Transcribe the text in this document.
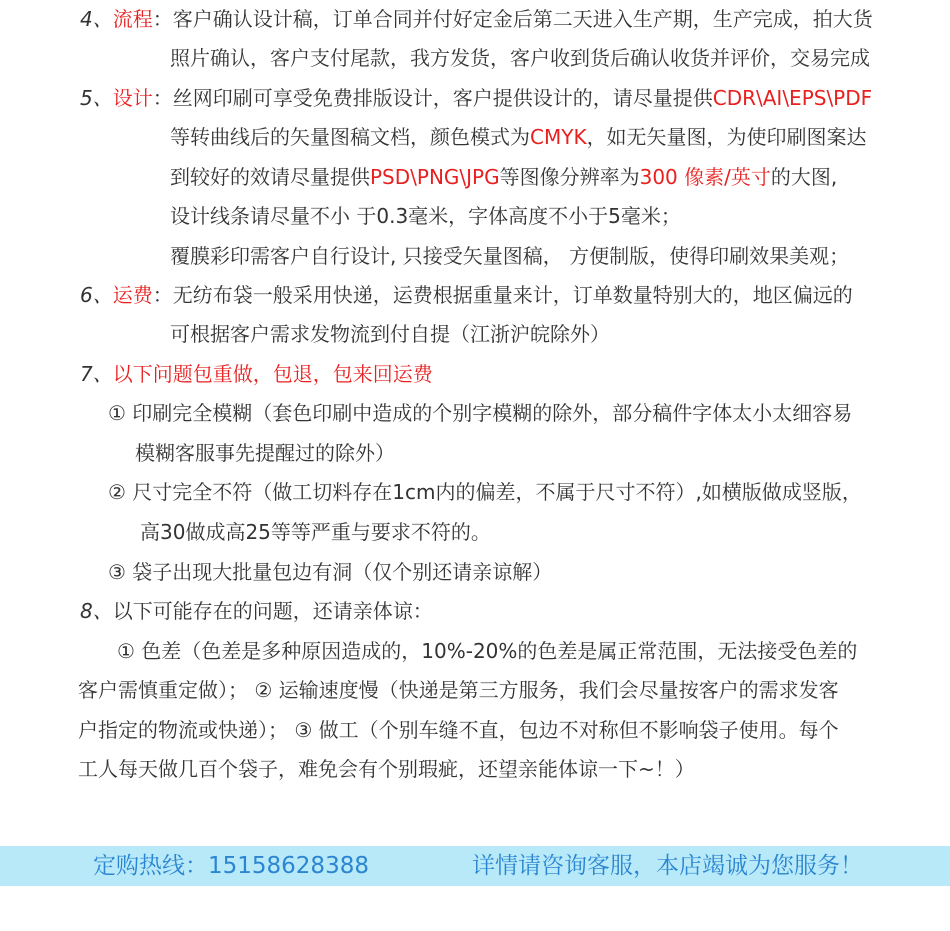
4、流程：客户确认设计稿，订单合同并付好定金后第二天进入生产期，生产完成，拍大货
照片确认，客户支付尾款，我方发货，客户收到货后确认收货并评价，交易完成
5、设计：丝网印刷可享受免费排版设计，客户提供设计的，请尽量提供CDR\AI\EPS\PDF
等转曲线后的矢量图稿文档，颜色模式为CMYK，如无矢量图，为使印刷图案达
到较好的效请尽量提供PSD\PNG\JPG等图像分辨率为300 像素/英寸的大图,
设计线条请尽量不小 于0.3毫米，字体高度不小于5毫米；
覆膜彩印需客户自行设计, 只接受矢量图稿， 方便制版，使得印刷效果美观；
6、运费：无纺布袋一般采用快递，运费根据重量来计，订单数量特别大的，地区偏远的
可根据客户需求发物流到付自提（江浙沪皖除外）
7、以下问题包重做，包退，包来回运费
① 印刷完全模糊（套色印刷中造成的个别字模糊的除外，部分稿件字体太小太细容易
模糊客服事先提醒过的除外）
② 尺寸完全不符（做工切料存在1cm内的偏差，不属于尺寸不符）,如横版做成竖版，
高30做成高25等等严重与要求不符的。
③ 袋子出现大批量包边有洞（仅个别还请亲谅解）
8、以下可能存在的问题，还请亲体谅：
① 色差（色差是多种原因造成的，10%-20%的色差是属正常范围，无法接受色差的
客户需慎重定做）； ② 运输速度慢（快递是第三方服务，我们会尽量按客户的需求发客
户指定的物流或快递）； ③ 做工（个别车缝不直，包边不对称但不影响袋子使用。每个
工人每天做几百个袋子，难免会有个别瑕疵，还望亲能体谅一下~！）
定购热线：15158628388	详情请咨询客服，本店竭诚为您服务！
